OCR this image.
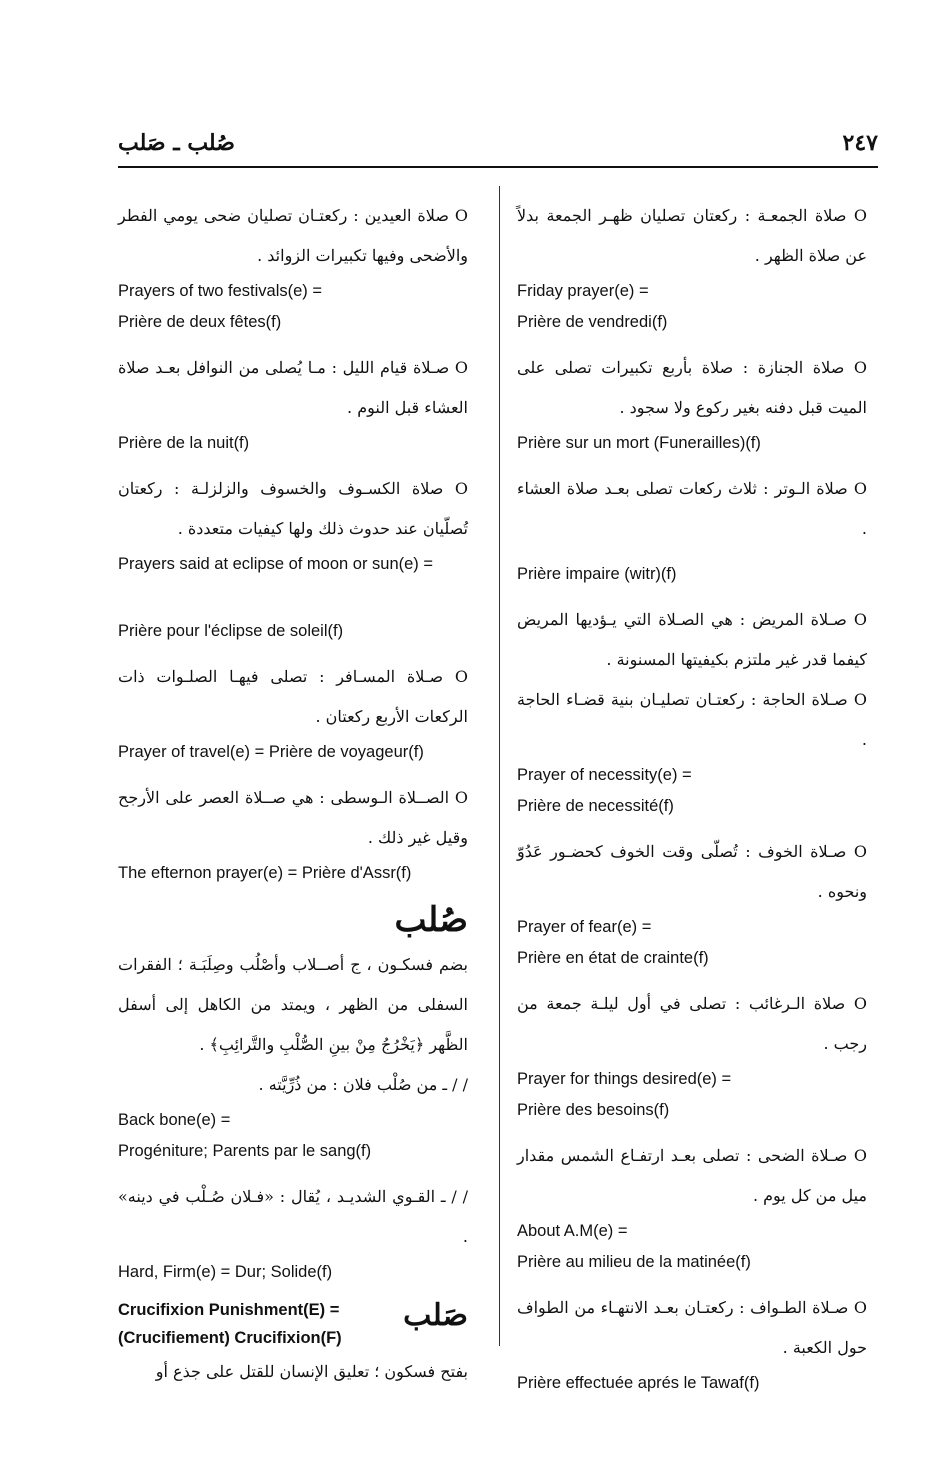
صُلب ـ صَلب	٢٤٧

O صلاة الجمعـة : ركعتان تصليان ظهـر الجمعة بدلاً عن صلاة الظهر .

Friday prayer(e) =

Prière de vendredi(f)

O صلاة الجنازة : صلاة بأربع تكبيرات تصلى على الميت قبل دفنه بغير ركوع ولا سجود .

Prière sur un mort (Funerailles)(f)

O صلاة الـوتر : ثلاث ركعات تصلى بعـد صلاة العشاء .

Prière impaire (witr)(f)

O صـلاة المريض : هي الصـلاة التي يـؤديها المريض كيفما قدر غير ملتزم بكيفيتها المسنونة .

O صـلاة الحاجة : ركعتـان تصليـان بنية قضـاء الحاجة .

Prayer of necessity(e) =

Prière de necessité(f)

O صـلاة الخوف : تُصلّى وقت الخوف كحضـور عَدُوّ ونحوه .

Prayer of fear(e) =

Prière en état de crainte(f)

O صلاة الـرغائب : تصلى في أول ليلـة جمعة من رجب .

Prayer for things desired(e) =

Prière des besoins(f)

O صـلاة الضحى : تصلى بعـد ارتفـاع الشمس مقدار ميل من كل يوم .

About A.M(e) =

Prière au milieu de la matinée(f)

O صـلاة الطـواف : ركعتـان بعـد الانتهـاء من الطواف حول الكعبة .

Prière effectuée aprés le Tawaf(f)

O صلاة العيدين : ركعتـان تصليان ضحى يومي الفطر والأضحى وفيها تكبيرات الزوائد .

Prayers of two festivals(e) =

Prière de deux fêtes(f)

O صـلاة قيام الليل : مـا يُصلى من النوافل بعـد صلاة العشاء قبل النوم .

Prière de la nuit(f)

O صلاة الكسـوف والخسوف والزلزلـة : ركعتان تُصلّيان عند حدوث ذلك ولها كيفيات متعددة .

Prayers said at eclipse of moon or sun(e) =

Prière pour l'éclipse de soleil(f)

O صـلاة المسـافر : تصلى فيهـا الصلـوات ذات الركعات الأربع ركعتان .

Prayer of travel(e) = Prière de voyageur(f)

O الصــلاة الـوسطى : هي صــلاة العصر على الأرجح وقيل غير ذلك .

The efternon prayer(e) = Prière d'Assr(f)

صُلب

بضم فسكـون ، ج أصــلاب وأصْلُب وصِلَبَـة ؛ الفقرات السفلى من الظهر ، ويمتد من الكاهل إلى أسفل الظَّهر ﴿يَخْرُجُ مِنْ بينِ الصُّلْبِ والتَّرائِبِ﴾ .

/ / ـ من صُلْب فلان : من ذُرِّيَّته .

Back bone(e) =

Progéniture; Parents par le sang(f)

/ / ـ القـوي الشديـد ، يُقال : «فـلان صُـلْب في دينه» .

Hard, Firm(e) = Dur; Solide(f)

Crucifixion Punishment(E) = (Crucifiement) Crucifixion(F)
صَلب

بفتح فسكون ؛ تعليق الإنسان للقتل على جذع أو
